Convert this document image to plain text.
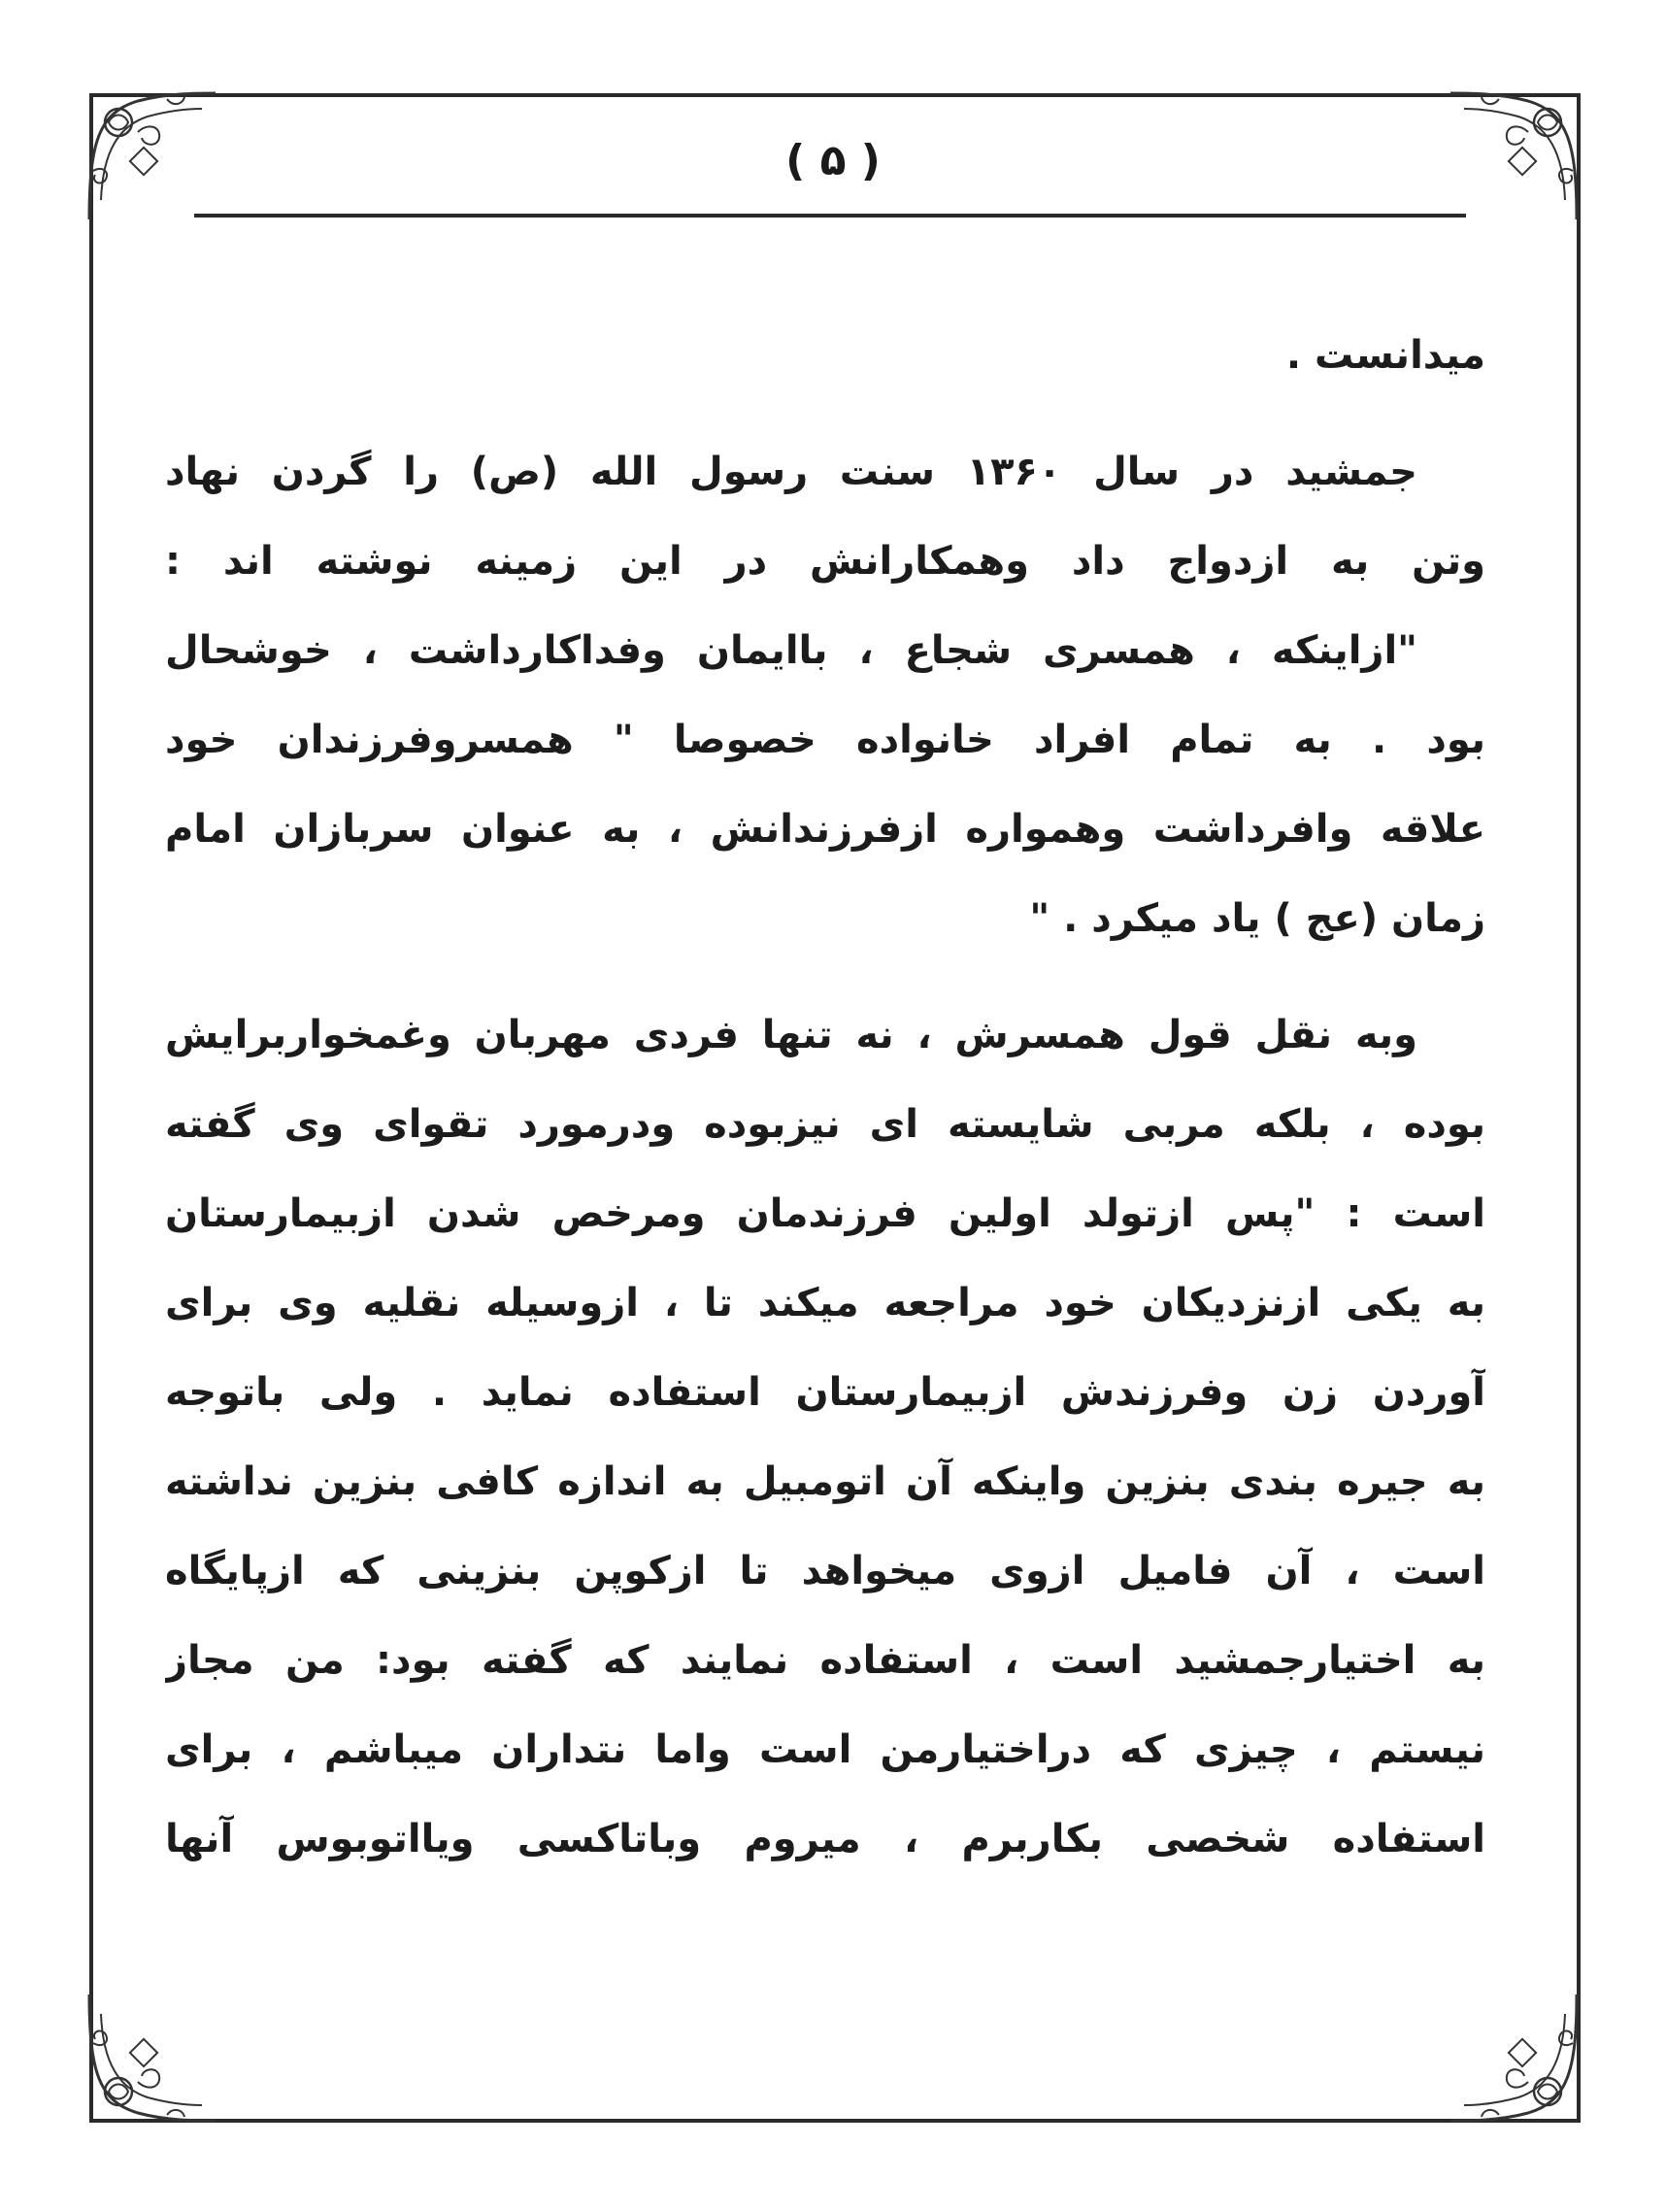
( ۵ )
میدانست .
جمشید در سال ۱۳۶۰ سنت رسول الله (ص) را گردن نهاد
وتن به ازدواج داد وهمکارانش در این زمینه نوشته اند :
"ازاینکه ، همسری شجاع ، باایمان وفداکارداشت ، خوشحال
بود . به تمام افراد خانواده خصوصا " همسروفرزندان خود
علاقه وافرداشت وهمواره ازفرزندانش ، به عنوان سربازان امام
زمان (عج ) یاد میکرد . "
وبه نقل قول همسرش ، نه تنها فردی مهربان وغمخواربرایش
بوده ، بلکه مربی شایسته ای نیزبوده ودرمورد تقوای وی گفته
است : "پس ازتولد اولین فرزندمان ومرخص شدن ازبیمارستان
به یکی ازنزدیکان خود مراجعه میکند تا ، ازوسیله نقلیه وی برای
آوردن زن وفرزندش ازبیمارستان استفاده نماید . ولی باتوجه
به جیره بندی بنزین واینکه آن اتومبیل به اندازه کافی بنزین نداشته
است ، آن فامیل ازوی میخواهد تا ازکوپن بنزینی که ازپایگاه
به اختیارجمشید است ، استفاده نمایند که گفته بود: من مجاز
نیستم ، چیزی که دراختیارمن است واما نتداران میباشم ، برای
استفاده شخصی بکاربرم ، میروم وباتاکسی ویااتوبوس آنها
